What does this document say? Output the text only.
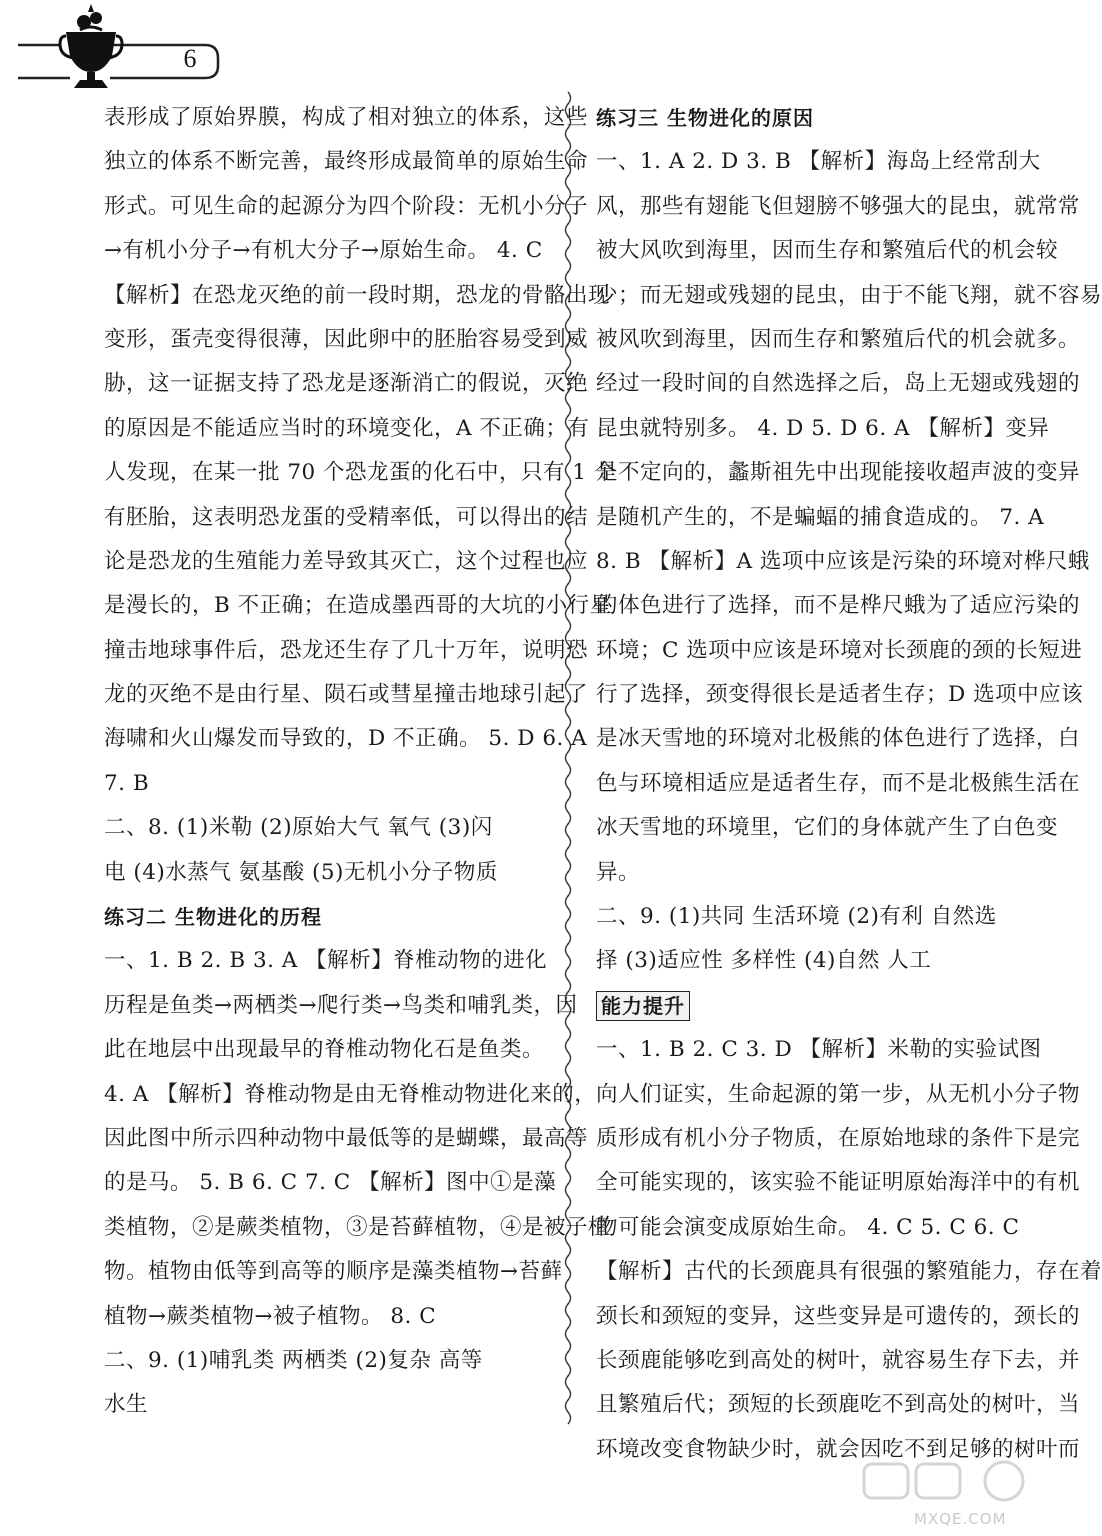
6
表形成了原始界膜，构成了相对独立的体系，这些
独立的体系不断完善，最终形成最简单的原始生命
形式。可见生命的起源分为四个阶段：无机小分子
→有机小分子→有机大分子→原始生命。 4. C
【解析】在恐龙灭绝的前一段时期，恐龙的骨骼出现
变形，蛋壳变得很薄，因此卵中的胚胎容易受到威
胁，这一证据支持了恐龙是逐渐消亡的假说，灭绝
的原因是不能适应当时的环境变化，A 不正确；有
人发现，在某一批 70 个恐龙蛋的化石中，只有 1 个
有胚胎，这表明恐龙蛋的受精率低，可以得出的结
论是恐龙的生殖能力差导致其灭亡，这个过程也应
是漫长的，B 不正确；在造成墨西哥的大坑的小行星
撞击地球事件后，恐龙还生存了几十万年，说明恐
龙的灭绝不是由行星、陨石或彗星撞击地球引起了
海啸和火山爆发而导致的，D 不正确。 5. D 6. A
7. B
二、8. (1)米勒 (2)原始大气 氧气 (3)闪
电 (4)水蒸气 氨基酸 (5)无机小分子物质
练习二 生物进化的历程
一、1. B 2. B 3. A 【解析】脊椎动物的进化
历程是鱼类→两栖类→爬行类→鸟类和哺乳类，因
此在地层中出现最早的脊椎动物化石是鱼类。
4. A 【解析】脊椎动物是由无脊椎动物进化来的，
因此图中所示四种动物中最低等的是蝴蝶，最高等
的是马。 5. B 6. C 7. C 【解析】图中①是藻
类植物，②是蕨类植物，③是苔藓植物，④是被子植
物。植物由低等到高等的顺序是藻类植物→苔藓
植物→蕨类植物→被子植物。 8. C
二、9. (1)哺乳类 两栖类 (2)复杂 高等
水生
练习三 生物进化的原因
一、1. A 2. D 3. B 【解析】海岛上经常刮大
风，那些有翅能飞但翅膀不够强大的昆虫，就常常
被大风吹到海里，因而生存和繁殖后代的机会较
少；而无翅或残翅的昆虫，由于不能飞翔，就不容易
被风吹到海里，因而生存和繁殖后代的机会就多。
经过一段时间的自然选择之后，岛上无翅或残翅的
昆虫就特别多。 4. D 5. D 6. A 【解析】变异
是不定向的，蠡斯祖先中出现能接收超声波的变异
是随机产生的，不是蝙蝠的捕食造成的。 7. A
8. B 【解析】A 选项中应该是污染的环境对桦尺蛾
的体色进行了选择，而不是桦尺蛾为了适应污染的
环境；C 选项中应该是环境对长颈鹿的颈的长短进
行了选择，颈变得很长是适者生存；D 选项中应该
是冰天雪地的环境对北极熊的体色进行了选择，白
色与环境相适应是适者生存，而不是北极熊生活在
冰天雪地的环境里，它们的身体就产生了白色变
异。
二、9. (1)共同 生活环境 (2)有利 自然选
择 (3)适应性 多样性 (4)自然 人工
能力提升
一、1. B 2. C 3. D 【解析】米勒的实验试图
向人们证实，生命起源的第一步，从无机小分子物
质形成有机小分子物质，在原始地球的条件下是完
全可能实现的，该实验不能证明原始海洋中的有机
物可能会演变成原始生命。 4. C 5. C 6. C
【解析】古代的长颈鹿具有很强的繁殖能力，存在着
颈长和颈短的变异，这些变异是可遗传的，颈长的
长颈鹿能够吃到高处的树叶，就容易生存下去，并
且繁殖后代；颈短的长颈鹿吃不到高处的树叶，当
环境改变食物缺少时，就会因吃不到足够的树叶而
MXQE.COM
